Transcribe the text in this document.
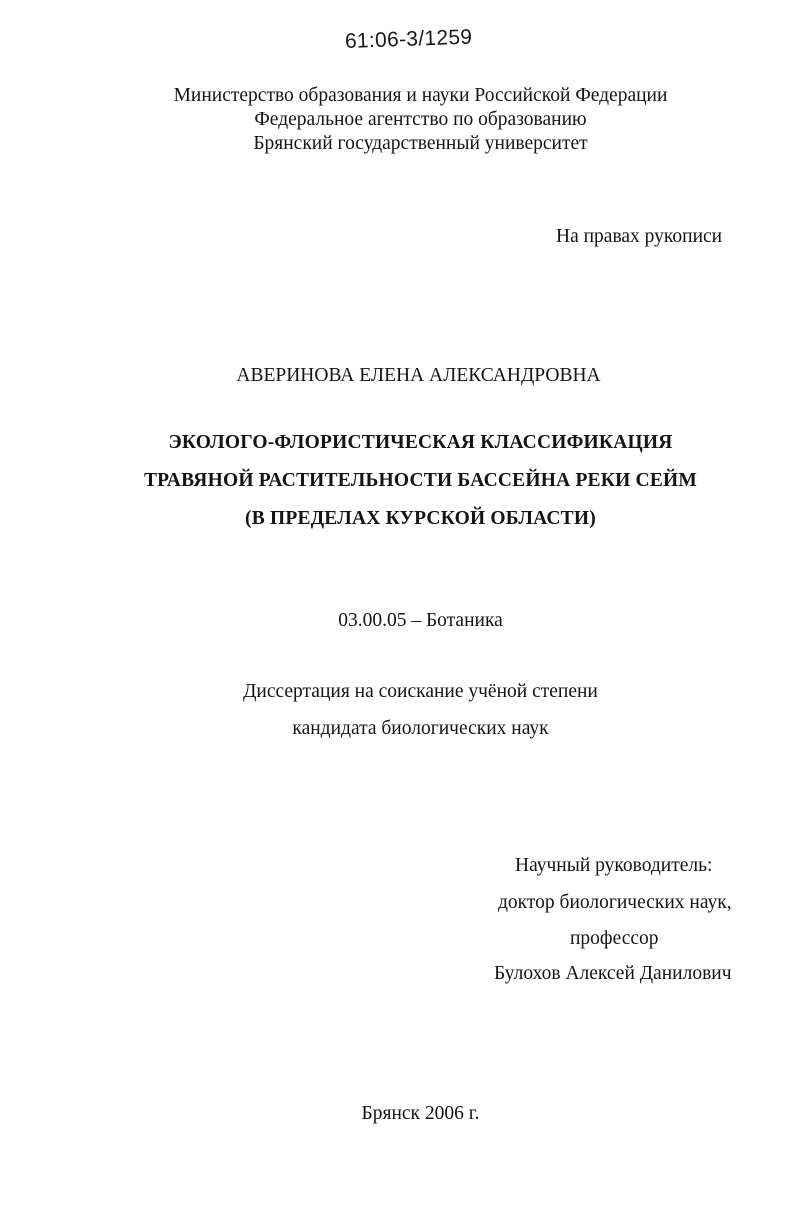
61:06-3/1259
Министерство образования и науки Российской Федерации
Федеральное агентство по образованию
Брянский государственный университет
На правах рукописи
АВЕРИНОВА ЕЛЕНА АЛЕКСАНДРОВНА
ЭКОЛОГО-ФЛОРИСТИЧЕСКАЯ КЛАССИФИКАЦИЯ
ТРАВЯНОЙ РАСТИТЕЛЬНОСТИ БАССЕЙНА РЕКИ СЕЙМ
(В ПРЕДЕЛАХ КУРСКОЙ ОБЛАСТИ)
03.00.05 – Ботаника
Диссертация на соискание учёной степени
кандидата биологических наук
Научный руководитель:
доктор биологических наук,
профессор
Булохов Алексей Данилович
Брянск 2006 г.
